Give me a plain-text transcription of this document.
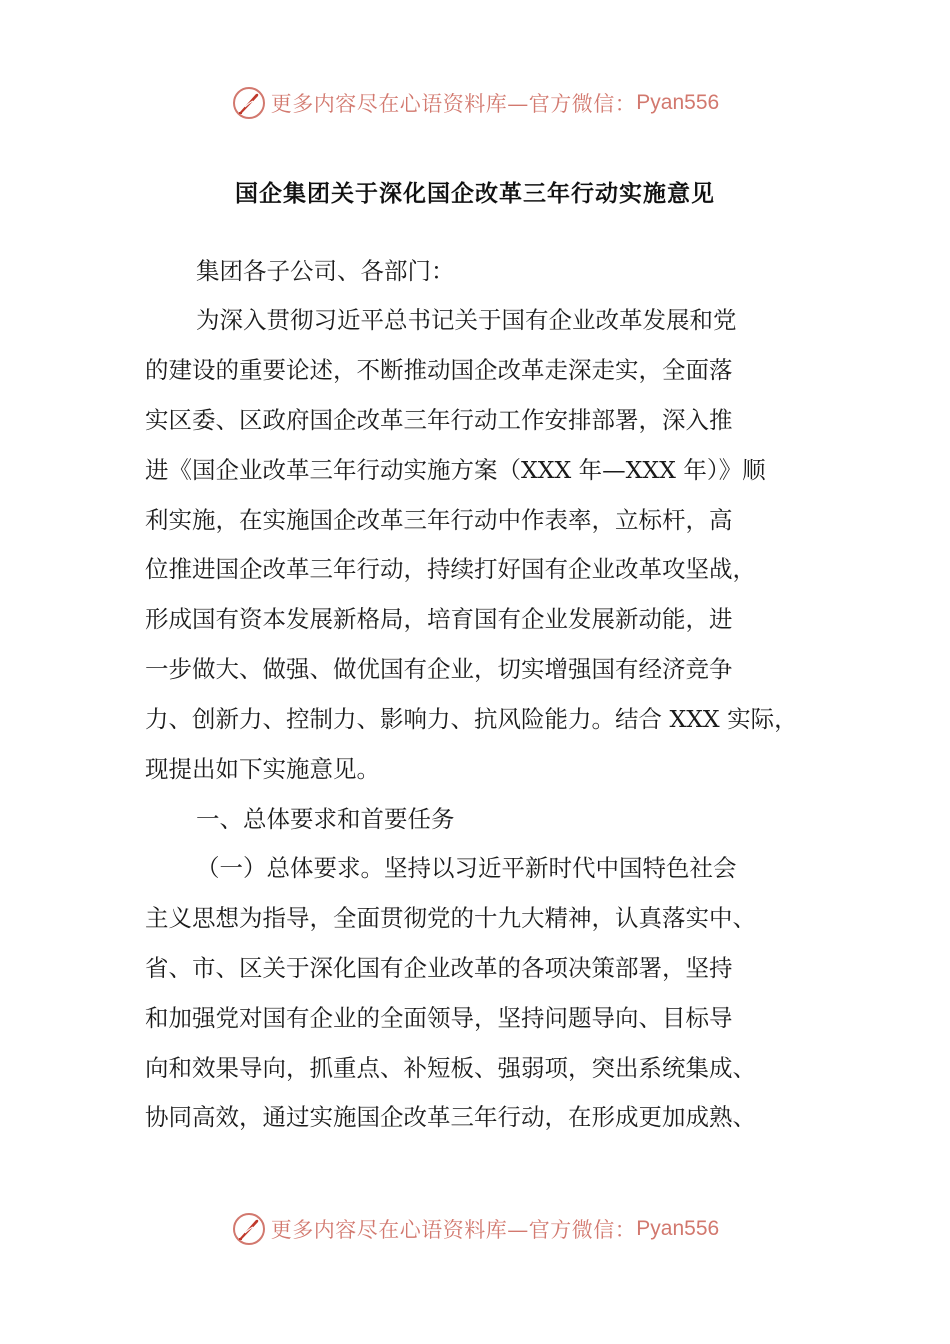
更多内容尽在心语资料库—官方微信： Pyan556
国企集团关于深化国企改革三年行动实施意见
集团各子公司、各部门：
为深入贯彻习近平总书记关于国有企业改革发展和党
的建设的重要论述，不断推动国企改革走深走实，全面落
实区委、区政府国企改革三年行动工作安排部署，深入推
进《国企业改革三年行动实施方案（XXX 年—XXX 年）》顺
利实施，在实施国企改革三年行动中作表率，立标杆，高
位推进国企改革三年行动，持续打好国有企业改革攻坚战，
形成国有资本发展新格局，培育国有企业发展新动能，进
一步做大、做强、做优国有企业，切实增强国有经济竞争
力、创新力、控制力、影响力、抗风险能力。结合 XXX 实际，
现提出如下实施意见。
一、总体要求和首要任务
（一）总体要求。坚持以习近平新时代中国特色社会
主义思想为指导，全面贯彻党的十九大精神，认真落实中、
省、市、区关于深化国有企业改革的各项决策部署，坚持
和加强党对国有企业的全面领导，坚持问题导向、目标导
向和效果导向，抓重点、补短板、强弱项，突出系统集成、
协同高效，通过实施国企改革三年行动，在形成更加成熟、
更多内容尽在心语资料库—官方微信： Pyan556
